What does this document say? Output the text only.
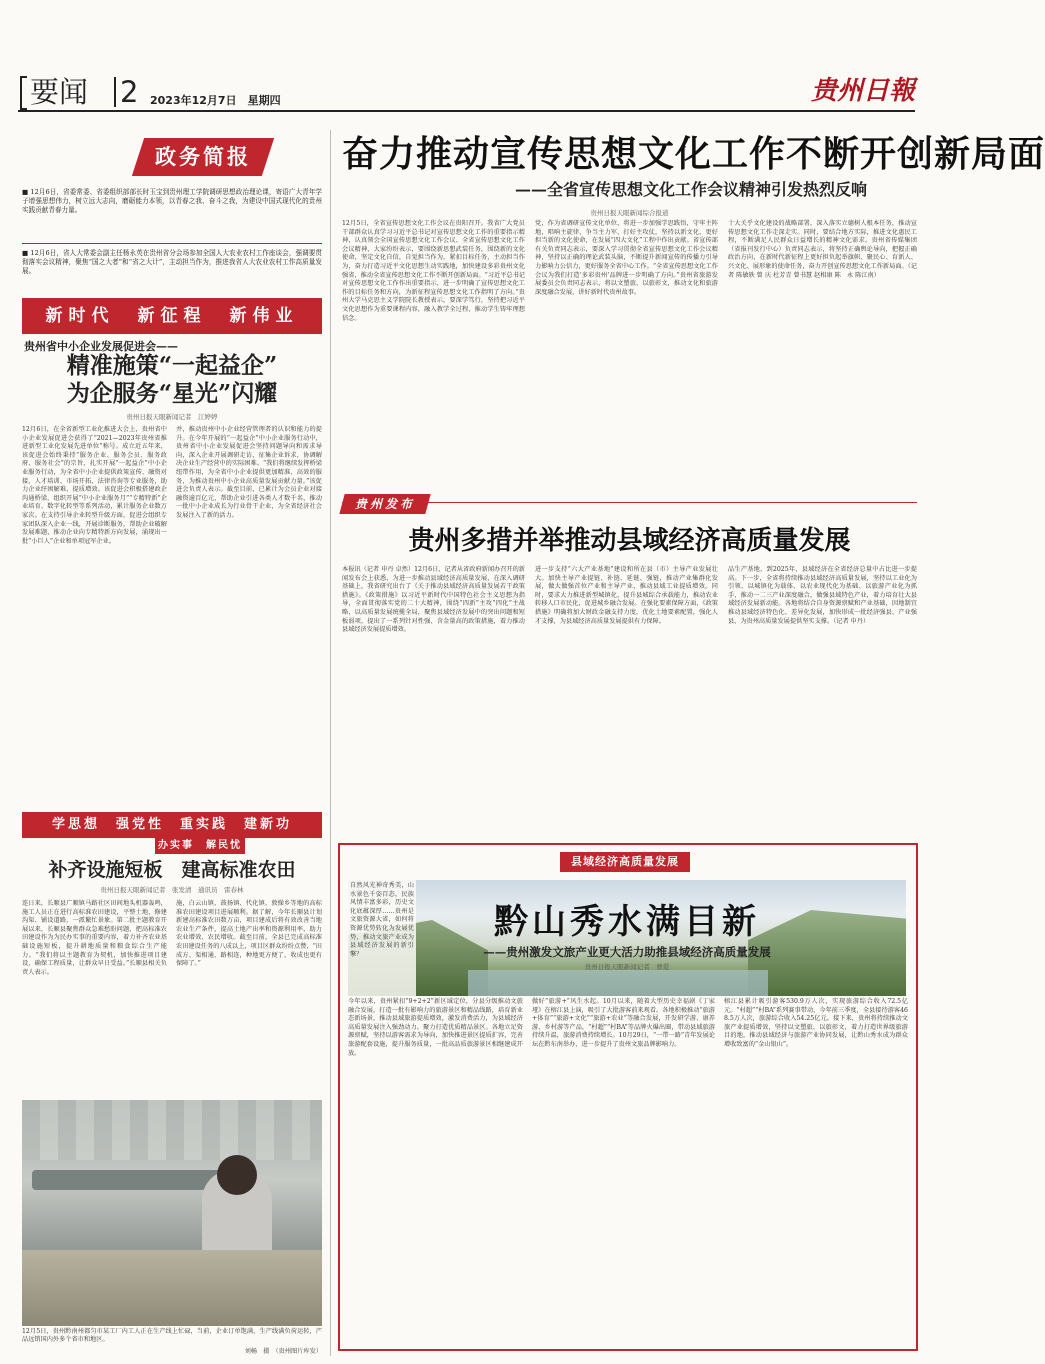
要闻 2 2023年12月7日　星期四	贵州日報
政务简报
■ 12月6日，省委常委、省委组织部部长时玉宝到贵州理工学院调研思想政治理论课，寄语广大青年学子增强思想伟力，树立远大志向，磨砺能力本领，以青春之我、奋斗之我，为建设中国式现代化的贵州实践贡献青春力量。
■ 12月6日，省人大常委会副主任杨永英在贵州省分会场参加全国人大农业农村工作座谈会，强调要贯彻落实会议精神，聚焦“国之大者”和“省之大计”，主动担当作为，推进我省人大农业农村工作高质量发展。
新时代　新征程　新伟业
贵州省中小企业发展促进会——
精准施策“一起益企”
为企服务“星光”闪耀
贵州日报天眼新闻记者　江婷婷
12月6日，在全省新型工业化推进大会上，贵州省中小企业发展促进会获得了“2021—2023年贵州省推进新型工业化发展先进单位”称号。成立近五年来，该促进会始终秉持“服务企业、服务会员、服务政府、服务社会”的宗旨，扎实开展“一起益企”中小企业服务行动，为全省中小企业提供政策宣传、融资对接、人才培训、市场开拓、法律咨询等专业服务，助力企业纾困解难、提质增效。该促进会积极搭建政企沟通桥梁，组织开展“中小企业服务月”“专精特新”企业培育、数字化转型等系列活动，累计服务企业数万家次。在支持引导企业转型升级方面，促进会组织专家团队深入企业一线，开展诊断服务，帮助企业破解发展难题，推动企业向专精特新方向发展，涌现出一批“小巨人”企业和单项冠军企业。
并，推动贵州中小企业经营管理者的认识和能力的提升。在今年开展的“一起益企”中小企业服务行动中，贵州省中小企业发展促进会坚持问题导向和需求导向，深入企业开展调研走访，征集企业诉求，协调解决企业生产经营中的实际困难。“我们将继续发挥桥梁纽带作用，为全省中小企业提供更加精准、高效的服务，为推动贵州中小企业高质量发展贡献力量。”该促进会负责人表示。截至目前，已累计为会员企业对接融资逾百亿元，帮助企业引进各类人才数千名，推动一批中小企业成长为行业骨干企业，为全省经济社会发展注入了新的活力。
学思想　强党性　重实践　建新功
办实事　解民忧
补齐设施短板　建高标准农田
贵州日报天眼新闻记者　张发清　通讯员　雷春林
连日来，长顺县广顺镇马路社区田间地头机器轰鸣，施工人员正在进行高标准农田建设，平整土地、修建沟渠、铺设道路，一派繁忙景象。第二批主题教育开展以来，长顺县聚焦群众急难愁盼问题，把高标准农田建设作为为民办实事的重要内容，着力补齐农业基础设施短板，提升耕地质量和粮食综合生产能力。“我们将以主题教育为契机，加快推进项目建设，确保工程质量，让群众早日受益。”长顺县相关负责人表示。
施，白云山镇、鼓扬镇、代化镇、敦操乡等地的高标准农田建设项目进展顺利。据了解，今年长顺县计划新建高标准农田数万亩，项目建成后将有效改善当地农业生产条件，提高土地产出率和资源利用率，助力农业增效、农民增收。截至目前，全县已完成高标准农田建设任务的八成以上，项目区群众纷纷点赞，“田成方、渠相通、路相连，种地更方便了，收成也更有保障了。”
12月5日，贵州黔南州都匀市某工厂内工人正在生产线上忙碌，当前，企业订单饱满，生产线满负荷运转，产品远销国内外多个省市和地区。
刘畅　摄　（贵州图片库发）
奋力推动宣传思想文化工作不断开创新局面
——全省宣传思想文化工作会议精神引发热烈反响
贵州日报天眼新闻综合报道
12月5日，全省宣传思想文化工作会议在贵阳召开。我省广大党员干部群众认真学习习近平总书记对宣传思想文化工作的重要指示精神，认真领会全国宣传思想文化工作会议、全省宣传思想文化工作会议精神，大家纷纷表示，要围绕新思想武装任务，围绕新的文化使命，坚定文化自信，自觉担当作为，紧扣目标任务，主动担当作为，奋力打造习近平文化思想生动实践地，加快建设多彩贵州文化强省，推动全省宣传思想文化工作不断开创新局面。“习近平总书记对宣传思想文化工作作出重要指示，进一步明确了宣传思想文化工作的目标任务和方向，为新征程宣传思想文化工作指明了方向。”贵州大学马克思主义学院院长教授表示，要深学笃行，坚持把习近平文化思想作为重要课程内容，融入教学全过程，推动学生铸牢理想信念。
党，作为省调研宣传文化单位，将进一步加强学思践悟，守牢主阵地，唱响主旋律，争当主力军，打好主攻仗，坚持以新文化，更好担当新的文化使命，在发展“四大文化”工程中作出贡献。省宣传部有关负责同志表示，要深入学习贯彻全省宣传思想文化工作会议精神，坚持以正确的理论武装头脑，不断提升新闻宣传的传播力引导力影响力公信力，更好服务全省中心工作。“全省宣传思想文化工作会议为我们打造‘多彩贵州’品牌进一步明确了方向。”贵州省旅游发展委员会负责同志表示，将以文塑旅、以旅彰文，推动文化和旅游深度融合发展，讲好新时代贵州故事。
十大关乎文化建设的战略部署，深入落实立德树人根本任务，推动宣传思想文化工作走深走实。同时，要结合地方实际，推进文化惠民工程，不断满足人民群众日益增长的精神文化需求。贵州省传媒集团（省报刊发行中心）负责同志表示，将坚持正确舆论导向，把握正确政治方向，在新时代新征程上更好担负起举旗帜、聚民心、育新人、兴文化、展形象的使命任务，奋力开创宣传思想文化工作新局面。（记者 陈敏轶 曾 庆 杜芳青 曾书慧 赵相康 陈　永 陈江南）
贵州发布
贵州多措并举推动县域经济高质量发展
本报讯（记者 申丹 卓然）12月6日，记者从省政府新闻办召开的新闻发布会上获悉，为进一步推动县域经济高质量发展，在深入调研基础上，我省研究出台了《关于推动县域经济高质量发展若干政策措施》。《政策措施》以习近平新时代中国特色社会主义思想为指导，全面贯彻落实党的二十大精神，围绕“四新”主攻“四化”主战略，以高质量发展统揽全局，聚焦县域经济发展中的突出问题和短板弱项，提出了一系列针对性强、含金量高的政策措施，着力推动县域经济发展提质增效。
进一步支持“六大产业基地”建设和所在县（市）主导产业发展壮大。加快主导产业提链、补链、延链、强链，推动产业集群化发展，做大做强首位产业和主导产业，推动县域工业提质增效。同时，要求大力推进新型城镇化，提升县城综合承载能力，推动农业转移人口市民化，促进城乡融合发展。在强化要素保障方面，《政策措施》明确将加大财政金融支持力度，优化土地要素配置，强化人才支撑，为县域经济高质量发展提供有力保障。
品生产基地，到2025年，县域经济在全省经济总量中占比进一步提高。下一步，全省将持续推动县域经济高质量发展，坚持以工业化为引领、以城镇化为载体、以农业现代化为基础、以旅游产业化为抓手，推动一二三产业深度融合，做强县域特色产业，着力培育壮大县域经济发展新动能。各地将结合自身资源禀赋和产业基础，因地制宜推动县域经济特色化、差异化发展，加快形成一批经济强县、产业强县，为贵州高质量发展提供坚实支撑。（记者 申丹）
县域经济高质量发展
黔山秀水满目新
——贵州激发文旅产业更大活力助推县域经济高质量发展
贵州日报天眼新闻记者　曹爱
自然风光神奇秀美，山水景色千姿百态，民族风情丰富多彩，历史文化底蕴深厚……贵州是文旅资源大省，如何将资源优势转化为发展优势，推动文旅产业成为县域经济发展的新引擎？
今年以来，贵州紧扣“9+2+2”新区域定位，分县分级推动文旅融合发展，打造一批有影响力的旅游景区和精品线路，培育新业态新场景，推动县域旅游提质增效，激发消费活力，为县域经济高质量发展注入强劲动力。聚力打造优质精品景区。各地立足资源禀赋，坚持以游客需求为导向，加快推进景区提质扩容，完善旅游配套设施，提升服务质量，一批高品质旅游景区相继建成开放。
做好“旅游+”风生水起。10月以来，随着大型历史幸福剧《丁家垭》在榕江县上演，吸引了大批游客前来观看。各地积极推动“旅游+体育”“旅游+文化”“旅游+农业”等融合发展，开发研学游、康养游、乡村游等产品，“村超”“村BA”等品牌火爆出圈，带动县域旅游持续升温，旅游消费持续增长。10月29日，“一带一路”青年发展论坛在黔东南举办，进一步提升了贵州文旅品牌影响力。
榕江县累计吸引游客530.9万人次，实现旅游综合收入72.5亿元。“村超”“村BA”系列赛事带动，今年前三季度，全县接待游客468.5万人次，旅游综合收入54.25亿元。接下来，贵州将持续推动文旅产业提质增效，坚持以文塑旅、以旅彰文，着力打造世界级旅游目的地，推动县域经济与旅游产业协同发展，让黔山秀水成为群众增收致富的“金山银山”。
